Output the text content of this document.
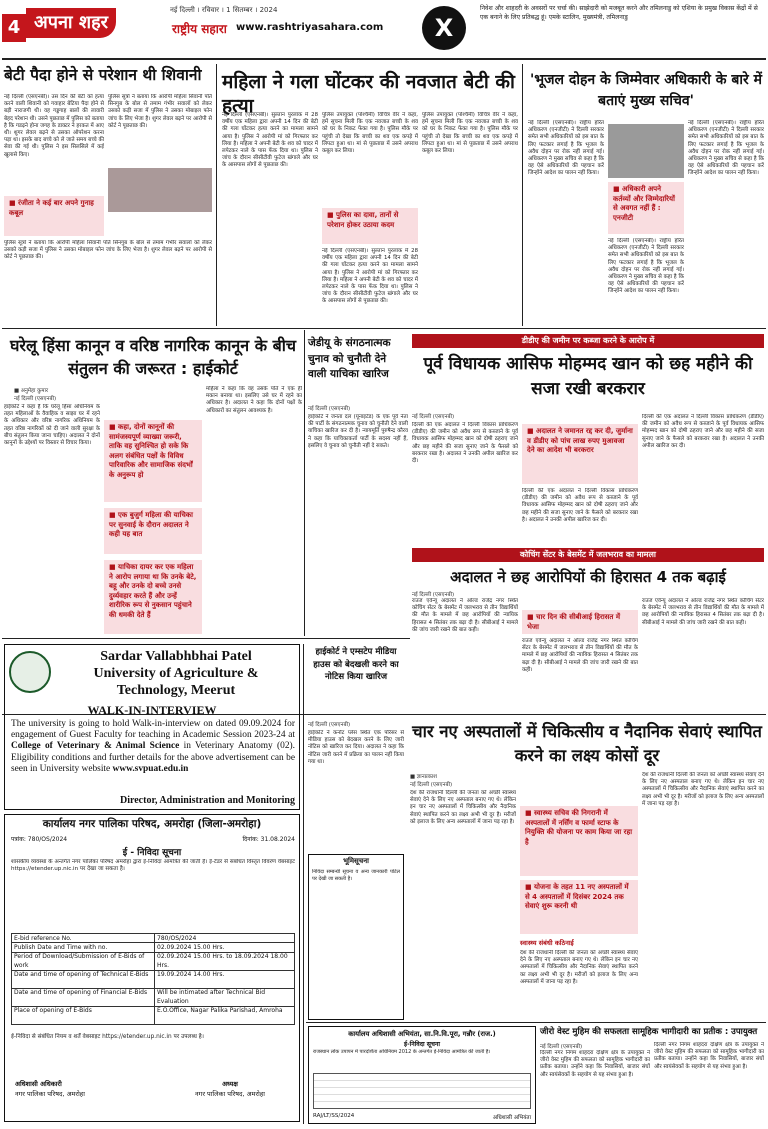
4 अपना शहर
नई दिल्ली । रविवार । 1 सितम्बर । 2024
राष्ट्रीय सहारा www.rashtriyasahara.com	X
निवेश और शाहदरी के अवसरों पर चर्चा की। साझेदारी को मजबूत करने और तमिलनाडु को एशिया के प्रमुख विकास केंद्रों में से एक बनाने के लिए प्रतिबद्ध हूं। एमके स्टालिन, मुख्यमंत्री, तमिलनाडु
बेटी पैदा होने से परेशान थी शिवानी
नई दिल्ली (एसएनबी)। उस दिन की बेटी को हत्या करने वाली शिवानी को गवाहार बेटिया पैदा होने से बड़ी नाराजगी थी। वह गड्डगाह बालों की लावारी बेहद परेशान थी। उसने पूछताछ में पुलिस को बताया है कि गडढ़ने होना जगह के डाक्टर ने हरकत में आए थी। शुगर लेवल बढ़ने से उसका ऑपरेशन करना पड़ा था। इसके बाद बच्चे को ले जाते समय बच्चे की सेवा की गई थी। पुलिस ने इस सिलसिले में कई खुलासे किए।
पुलिस सूत्रों ने बताया कि आरोपी महिला सिवानी पति सिनगुब के बोल से तमाम गंभीर सवालों को लेकर उसको कड़ी सजा में पुलिस ने उसका मोबाइल फोन जांच के लिए भेजा है। शुगर लेवल बढ़ने पर आरोपी से कोर्ट ने पूछताछ की।
■ रंजीता ने कई बार अपने गुनाह कबूल
पुलिस सूत्रों ने बताया कि आरोपी महिला सिवानी पति सिनगुब के बोल से तमाम गंभीर सवालों को लेकर उसको कड़ी सजा में पुलिस ने उसका मोबाइल फोन जांच के लिए भेजा है। शुगर लेवल बढ़ने पर आरोपी से कोर्ट ने पूछताछ की।
महिला ने गला घोंटकर की नवजात बेटी की हत्या
नई दिल्ली (एसएनबी)। सुल्तान पुरलांक में 28 वर्षीय एक महिला द्वारा अपनी 14 दिन की बेटी की गला घोंटकर हत्या करने का मामला सामने आया है। पुलिस ने आरोपी मां को गिरफ्तार कर लिया है। महिला ने अपनी बेटी के शव को चादर में लपेटकर नाले के पास फेंक दिया था। पुलिस ने जांच के दौरान सीसीटीवी फुटेज खंगाले और घर के आसपास लोगों से पूछताछ की।
पुलिस उपायुक्त (पश्चिमी) विचित्र वीर ने कहा, हमें सूचना मिली कि एक नवजात बच्ची के शव को घर के निकट फेंका गया है। पुलिस मौके पर पहुंची तो देखा कि बच्ची का शव एक कपड़े में लिपटा हुआ था। मां से पूछताछ में उसने अपराध कबूल कर लिया।
■ पुलिस का दावा, तानों से परेशान होकर उठाया कदम
नई दिल्ली (एसएनबी)। सुल्तान पुरलांक में 28 वर्षीय एक महिला द्वारा अपनी 14 दिन की बेटी की गला घोंटकर हत्या करने का मामला सामने आया है। पुलिस ने आरोपी मां को गिरफ्तार कर लिया है। महिला ने अपनी बेटी के शव को चादर में लपेटकर नाले के पास फेंक दिया था। पुलिस ने जांच के दौरान सीसीटीवी फुटेज खंगाले और घर के आसपास लोगों से पूछताछ की।
पुलिस उपायुक्त (पश्चिमी) विचित्र वीर ने कहा, हमें सूचना मिली कि एक नवजात बच्ची के शव को घर के निकट फेंका गया है। पुलिस मौके पर पहुंची तो देखा कि बच्ची का शव एक कपड़े में लिपटा हुआ था। मां से पूछताछ में उसने अपराध कबूल कर लिया।
'भूजल दोहन के जिम्मेवार अधिकारी के बारे में बताएं मुख्य सचिव'
नई दिल्ली (एसएनबी)। राष्ट्रीय हरित अधिकरण (एनजीटी) ने दिल्ली सरकार समेत सभी अधिकारियों को इस बात के लिए फटकार लगाई है कि भूजल के अवैध दोहन पर रोक नहीं लगाई गई। अधिकरण ने मुख्य सचिव से कहा है कि वह ऐसे अधिकारियों की पहचान करें जिन्होंने आदेश का पालन नहीं किया।
■ अधिकारी अपने कर्तव्यों और जिम्मेदारियों से अवगत नहीं हैं : एनजीटी
नई दिल्ली (एसएनबी)। राष्ट्रीय हरित अधिकरण (एनजीटी) ने दिल्ली सरकार समेत सभी अधिकारियों को इस बात के लिए फटकार लगाई है कि भूजल के अवैध दोहन पर रोक नहीं लगाई गई। अधिकरण ने मुख्य सचिव से कहा है कि वह ऐसे अधिकारियों की पहचान करें जिन्होंने आदेश का पालन नहीं किया।
नई दिल्ली (एसएनबी)। राष्ट्रीय हरित अधिकरण (एनजीटी) ने दिल्ली सरकार समेत सभी अधिकारियों को इस बात के लिए फटकार लगाई है कि भूजल के अवैध दोहन पर रोक नहीं लगाई गई। अधिकरण ने मुख्य सचिव से कहा है कि वह ऐसे अधिकारियों की पहचान करें जिन्होंने आदेश का पालन नहीं किया।
घरेलू हिंसा कानून व वरिष्ठ नागरिक कानून के बीच संतुलन की जरूरत : हाईकोर्ट
■ अनुमेहा कुमार
नई दिल्ली (एसएनबी)
हाईकोर्ट ने कहा है कि घरेलू हिंसा अधिनियम के तहत महिलाओं के वैवाहिक व साझा घर में रहने के अधिकार और वरिष्ठ नागरिक अधिनियम के तहत वरिष्ठ नागरिकों को दी जाने वाली सुरक्षा के बीच संतुलन किया जाना चाहिए। अदालत ने दोनों कानूनों के उद्देश्यों पर विस्तार से विचार किया।
■ कहा, दोनों कानूनों की सामंजस्यपूर्ण व्याख्या जरूरी, ताकि वह सुनिश्चित हो सके कि अलग संबंधित पक्षों के विविध पारिवारिक और सामाजिक संदर्भों के अनुरूप हो
■ एक बुजुर्ग महिला की याचिका पर सुनवाई के दौरान अदालत ने कही यह बात
■ याचिका दायर कर एक महिला ने आरोप लगाया था कि उनके बेटे, बहू और उनके दो बच्चे उनसे दुर्व्यवहार करते हैं और उन्हें शारीरिक रूप से नुकसान पहुंचाने की धमकी देते हैं
महिला ने कहा कि वह उसके पति ने एक ही मकान बनाया था। इसलिए उसे घर में रहने का अधिकार है। अदालत ने कहा कि दोनों पक्षों के अधिकारों का संतुलन आवश्यक है।
जेडीयू के संगठनात्मक चुनाव को चुनौती देने वाली याचिका खारिज
नई दिल्ली (एसएनबी)
हाईकोर्ट ने जनता दल (यूनाइटेड) के एक पूर्व नेता की पार्टी के संगठनात्मक चुनाव को चुनौती देने वाली याचिका खारिज कर दी है। न्यायमूर्ति पुरुषैन्द्र कौरव ने कहा कि याचिकाकर्ता पार्टी के सदस्य नहीं हैं, इसलिए वे चुनाव को चुनौती नहीं दे सकते।
डीडीए की जमीन पर कब्जा करने के आरोप में
पूर्व विधायक आसिफ मोहम्मद खान को छह महीने की सजा रखी बरकरार
नई दिल्ली (एसएनबी)
दिल्ली की एक अदालत ने दिल्ली विकास प्राधिकरण (डीडीए) की जमीन को अवैध रूप से कब्जाने के पूर्व विधायक आसिफ मोहम्मद खान को दोषी ठहराए जाने और छह महीने की सजा सुनाए जाने के फैसले को बरकरार रखा है। अदालत ने उनकी अपील खारिज कर दी।
■ अदालत ने जमानत रद्द कर दी, जुर्माना व डीडीए को पांच लाख रुपए मुआवजा देने का आदेश भी बरकरार
दिल्ली की एक अदालत ने दिल्ली विकास प्राधिकरण (डीडीए) की जमीन को अवैध रूप से कब्जाने के पूर्व विधायक आसिफ मोहम्मद खान को दोषी ठहराए जाने और छह महीने की सजा सुनाए जाने के फैसले को बरकरार रखा है। अदालत ने उनकी अपील खारिज कर दी।
दिल्ली की एक अदालत ने दिल्ली विकास प्राधिकरण (डीडीए) की जमीन को अवैध रूप से कब्जाने के पूर्व विधायक आसिफ मोहम्मद खान को दोषी ठहराए जाने और छह महीने की सजा सुनाए जाने के फैसले को बरकरार रखा है। अदालत ने उनकी अपील खारिज कर दी।
कोचिंग सेंटर के बेसमेंट में जलभराव का मामला
अदालत ने छह आरोपियों की हिरासत 4 तक बढ़ाई
नई दिल्ली (एसएनबी)
राउज एवेन्यू अदालत ने ओल्ड राजेंद्र नगर स्थित कोचिंग सेंटर के बेसमेंट में जलभराव से तीन विद्यार्थियों की मौत के मामले में छह आरोपियों की न्यायिक हिरासत 4 सितंबर तक बढ़ा दी है। सीबीआई ने मामले की जांच जारी रखने की बात कही।
■ चार दिन की सीबीआई हिरासत में भेजा
राउज एवेन्यू अदालत ने ओल्ड राजेंद्र नगर स्थित कोचिंग सेंटर के बेसमेंट में जलभराव से तीन विद्यार्थियों की मौत के मामले में छह आरोपियों की न्यायिक हिरासत 4 सितंबर तक बढ़ा दी है। सीबीआई ने मामले की जांच जारी रखने की बात कही।
राउज एवेन्यू अदालत ने ओल्ड राजेंद्र नगर स्थित कोचिंग सेंटर के बेसमेंट में जलभराव से तीन विद्यार्थियों की मौत के मामले में छह आरोपियों की न्यायिक हिरासत 4 सितंबर तक बढ़ा दी है। सीबीआई ने मामले की जांच जारी रखने की बात कही।
Sardar Vallabhbhai Patel
University of Agriculture &
Technology, Meerut
WALK-IN-INTERVIEW
The university is going to hold Walk-in-interview on dated 09.09.2024 for engagement of Guest Faculty for teaching in Academic Session 2023-24 at College of Veterinary & Animal Science in Veterinary Anatomy (02). Eligibility conditions and further details for the above advertisement can be seen in University website www.svpuat.edu.in
Director, Administration and Monitoring
कार्यालय नगर पालिका परिषद, अमरोहा (जिला-अमरोहा)
पत्रांक: 780/OS/2024	दिनांक: 31.08.2024
ई - निविदा सूचना
शासकीय व्यवस्था के अन्तर्गत नगर पालिका परिषद अमरोहा द्वारा ई-निविदा आमंत्रित की जाती है। ई-टेंडर से संबंधित विस्तृत विवरण वेबसाइट https://etender.up.nic.in पर देखा जा सकता है।
E-bid reference No.	780/OS/2024
Publish Date and Time with no.	02.09.2024 15.00 Hrs.
Period of Download/Submission of E-Bids of work
02.09.2024 15.00 Hrs. to 18.09.2024 18.00 Hrs.
Date and time of opening of Technical E-Bids	19.09.2024 14.00 Hrs.
Date and time of opening of Financial E-Bids	Will be intimated after Technical Bid Evaluation
Place of opening of E-Bids	E.O.Office, Nagar Palika Parishad, Amroha
ई-निविदा से संबंधित नियम व शर्तें वेबसाइट https://etender.up.nic.in पर उपलब्ध है।
अधिशासी अधिकारी
नगर पालिका परिषद, अमरोहा
अध्यक्ष
नगर पालिका परिषद, अमरोहा
हाईकोर्ट ने एम्सटेप मीडिया हाउस को बेदखली करने का नोटिस किया खारिज
नई दिल्ली (एसएनबी)
हाईकोर्ट ने कनॉट प्लेस स्थित एक परिसर से मीडिया हाउस को बेदखल करने के लिए जारी नोटिस को खारिज कर दिया। अदालत ने कहा कि नोटिस जारी करने में प्रक्रिया का पालन नहीं किया गया था।
भूमिसूचना
निविदा सम्बन्धी सूचना व अन्य जानकारी पोर्टल पर देखी जा सकती है।
चार नए अस्पतालों में चिकित्सीय व नैदानिक सेवाएं स्थापित करने का लक्ष्य कोसों दूर
■ ज्ञानप्रकाश
नई दिल्ली (एसएनबी)
देश की राजधानी दिल्ली की जनता को अच्छी स्वास्थ्य सेवाएं देने के लिए नए अस्पताल बनाए गए थे। लेकिन इन चार नए अस्पतालों में चिकित्सीय और नैदानिक सेवाएं स्थापित करने का लक्ष्य अभी भी दूर है। मरीजों को इलाज के लिए अन्य अस्पतालों में जाना पड़ रहा है।
■ स्वास्थ्य सचिव की निगरानी में अस्पतालों में नर्सिंग व फार्मा स्टाफ के नियुक्ति की योजना पर काम किया जा रहा है
■ योजना के तहत 11 नए अस्पतालों में से 4 अस्पतालों में दिसंबर 2024 तक सेवाएं शुरू करनी थी
स्वास्थ्य संबंधी कठिनाई
देश की राजधानी दिल्ली की जनता को अच्छी स्वास्थ्य सेवाएं देने के लिए नए अस्पताल बनाए गए थे। लेकिन इन चार नए अस्पतालों में चिकित्सीय और नैदानिक सेवाएं स्थापित करने का लक्ष्य अभी भी दूर है। मरीजों को इलाज के लिए अन्य अस्पतालों में जाना पड़ रहा है।
देश की राजधानी दिल्ली की जनता को अच्छी स्वास्थ्य सेवाएं देने के लिए नए अस्पताल बनाए गए थे। लेकिन इन चार नए अस्पतालों में चिकित्सीय और नैदानिक सेवाएं स्थापित करने का लक्ष्य अभी भी दूर है। मरीजों को इलाज के लिए अन्य अस्पतालों में जाना पड़ रहा है।
कार्यालय अधिशासी अभियंता, सा.नि.वि.पूरा, गन्नौर (राज.)
ई-निविदा सूचना
राजस्थान लोक उपापन में पारदर्शिता अधिनियम 2012 के अन्तर्गत ई-निविदा आमंत्रित की जाती है।
RAJ/LT/SS/2024	अधिशासी अभियंता
जीरो वेस्ट मुहिम की सफलता सामूहिक भागीदारी का प्रतीक : उपायुक्त
नई दिल्ली (एसएनबी)
दिल्ली नगर निगम शाहदरा दक्षिण क्षेत्र के उपायुक्त ने जीरो वेस्ट मुहिम की सफलता को सामूहिक भागीदारी का प्रतीक बताया। उन्होंने कहा कि निवासियों, बाजार संघों और स्वयंसेवकों के सहयोग से यह संभव हुआ है।
दिल्ली नगर निगम शाहदरा दक्षिण क्षेत्र के उपायुक्त ने जीरो वेस्ट मुहिम की सफलता को सामूहिक भागीदारी का प्रतीक बताया। उन्होंने कहा कि निवासियों, बाजार संघों और स्वयंसेवकों के सहयोग से यह संभव हुआ है।
